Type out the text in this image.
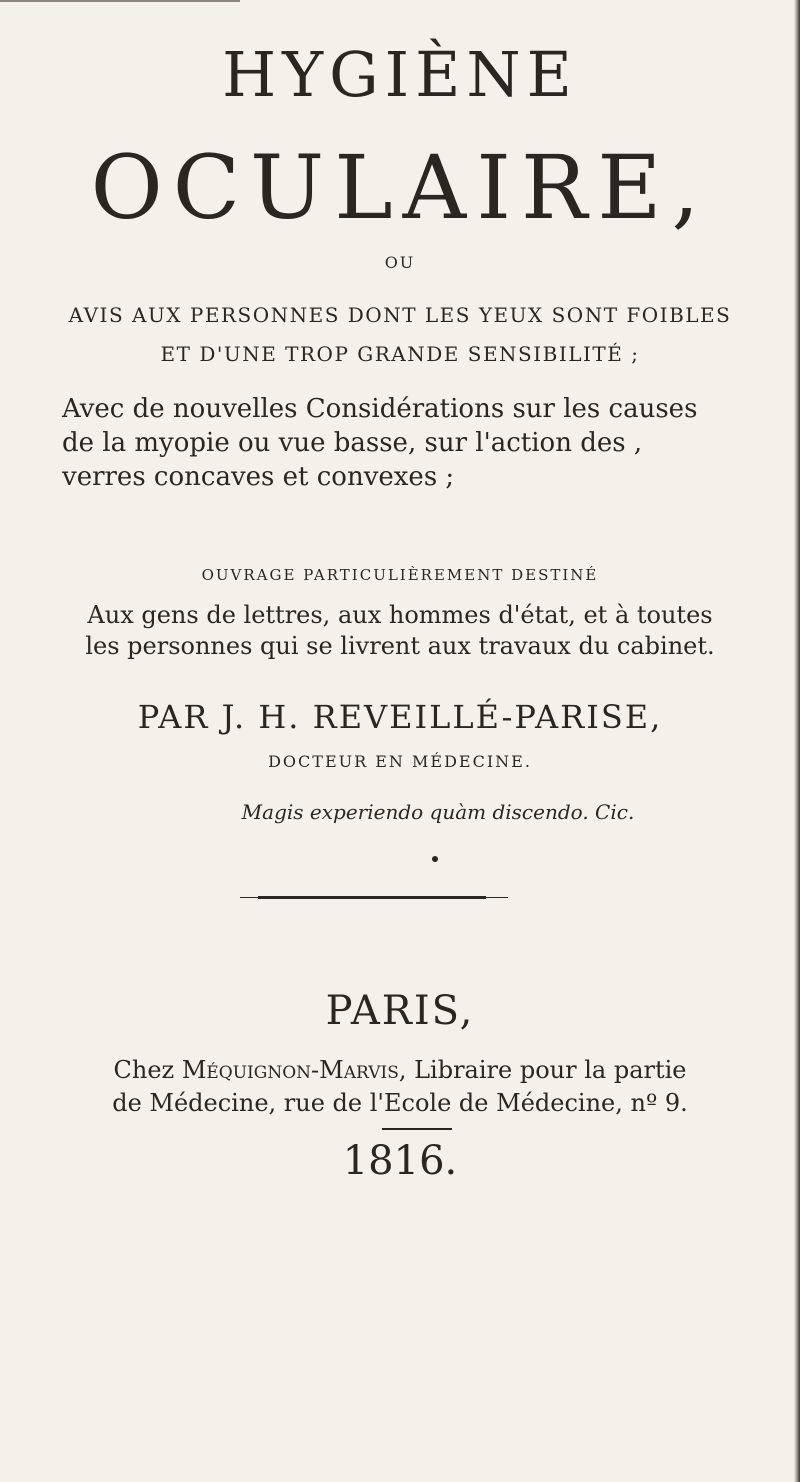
HYGIÈNE
OCULAIRE,
OU
AVIS AUX PERSONNES DONT LES YEUX SONT FOIBLES
ET D'UNE TROP GRANDE SENSIBILITÉ ;
Avec de nouvelles Considérations sur les causes
de la myopie ou vue basse, sur l'action des ,
verres concaves et convexes ;
OUVRAGE PARTICULIÈREMENT DESTINÉ
Aux gens de lettres, aux hommes d'état, et à toutes
les personnes qui se livrent aux travaux du cabinet.
PAR J. H. REVEILLÉ-PARISE,
DOCTEUR EN MÉDECINE.
Magis experiendo quàm discendo. Cic.
PARIS,
Chez Méquignon-Marvis, Libraire pour la partie
de Médecine, rue de l'Ecole de Médecine, nº 9.
1816.
